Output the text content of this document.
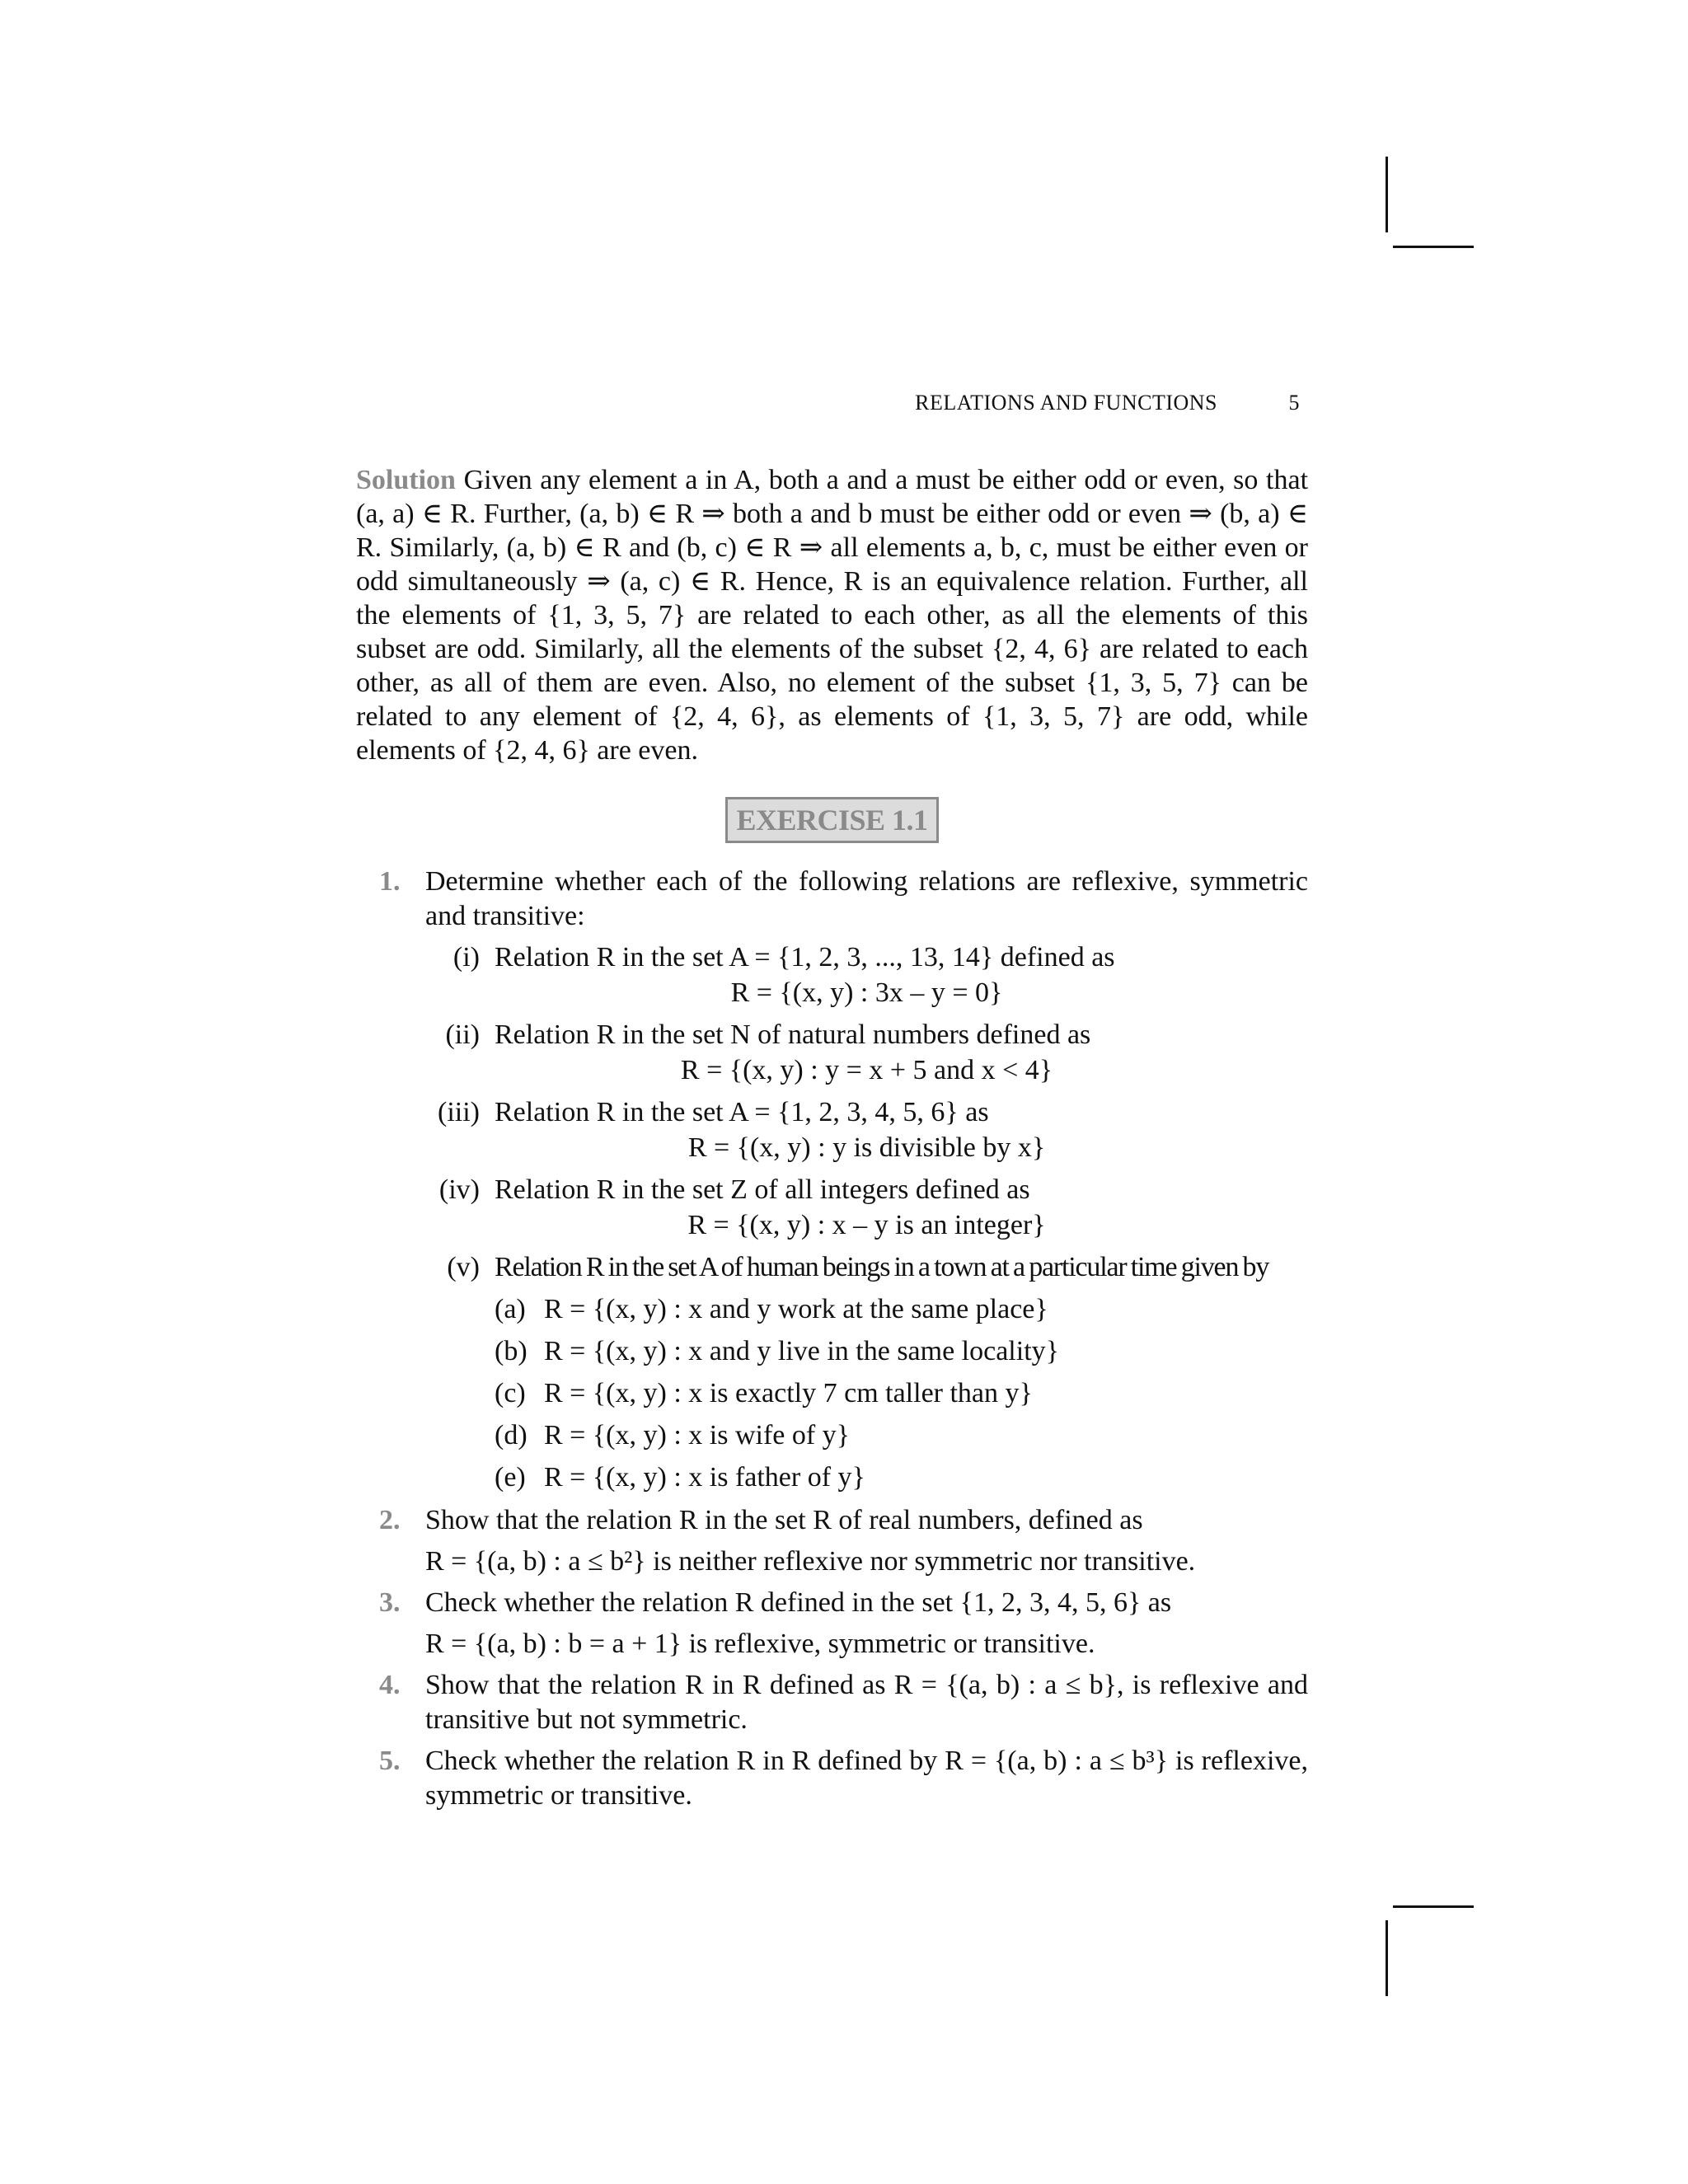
RELATIONS AND FUNCTIONS	5
Solution Given any element a in A, both a and a must be either odd or even, so that (a, a) ∈ R. Further, (a, b) ∈ R ⇒ both a and b must be either odd or even ⇒ (b, a) ∈ R. Similarly, (a, b) ∈ R and (b, c) ∈ R ⇒ all elements a, b, c, must be either even or odd simultaneously ⇒ (a, c) ∈ R. Hence, R is an equivalence relation. Further, all the elements of {1, 3, 5, 7} are related to each other, as all the elements of this subset are odd. Similarly, all the elements of the subset {2, 4, 6} are related to each other, as all of them are even. Also, no element of the subset {1, 3, 5, 7} can be related to any element of {2, 4, 6}, as elements of {1, 3, 5, 7} are odd, while elements of {2, 4, 6} are even.
EXERCISE 1.1
1. Determine whether each of the following relations are reflexive, symmetric and transitive:
(i) Relation R in the set A = {1, 2, 3, ..., 13, 14} defined as
R = {(x, y) : 3x – y = 0}
(ii) Relation R in the set N of natural numbers defined as
R = {(x, y) : y = x + 5 and x < 4}
(iii) Relation R in the set A = {1, 2, 3, 4, 5, 6} as
R = {(x, y) : y is divisible by x}
(iv) Relation R in the set Z of all integers defined as
R = {(x, y) : x – y is an integer}
(v) Relation R in the set A of human beings in a town at a particular time given by
(a) R = {(x, y) : x and y work at the same place}
(b) R = {(x, y) : x and y live in the same locality}
(c) R = {(x, y) : x is exactly 7 cm taller than y}
(d) R = {(x, y) : x is wife of y}
(e) R = {(x, y) : x is father of y}
2. Show that the relation R in the set R of real numbers, defined as
R = {(a, b) : a ≤ b²} is neither reflexive nor symmetric nor transitive.
3. Check whether the relation R defined in the set {1, 2, 3, 4, 5, 6} as
R = {(a, b) : b = a + 1} is reflexive, symmetric or transitive.
4. Show that the relation R in R defined as R = {(a, b) : a ≤ b}, is reflexive and transitive but not symmetric.
5. Check whether the relation R in R defined by R = {(a, b) : a ≤ b³} is reflexive, symmetric or transitive.
